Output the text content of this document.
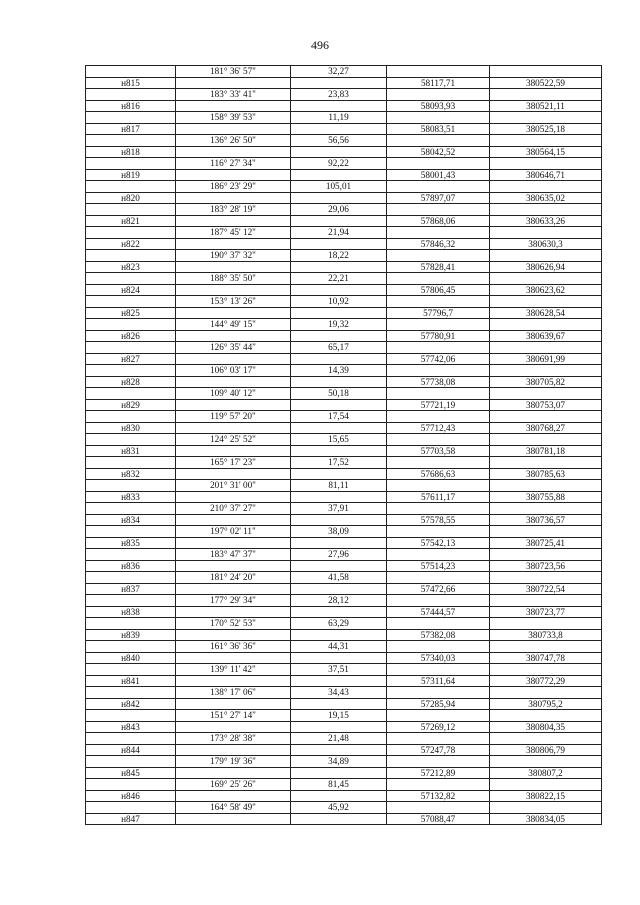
496
	181° 36' 57"	32,27		
н815			58117,71	380522,59
	183° 33' 41"	23,83		
н816			58093,93	380521,11
	158° 39' 53"	11,19		
н817			58083,51	380525,18
	136° 26' 50"	56,56		
н818			58042,52	380564,15
	116° 27' 34"	92,22		
н819			58001,43	380646,71
	186° 23' 29"	105,01		
н820			57897,07	380635,02
	183° 28' 19"	29,06		
н821			57868,06	380633,26
	187° 45' 12"	21,94		
н822			57846,32	380630,3
	190° 37' 32"	18,22		
н823			57828,41	380626,94
	188° 35' 50"	22,21		
н824			57806,45	380623,62
	153° 13' 26"	10,92		
н825			57796,7	380628,54
	144° 49' 15"	19,32		
н826			57780,91	380639,67
	126° 35' 44"	65,17		
н827			57742,06	380691,99
	106° 03' 17"	14,39		
н828			57738,08	380705,82
	109° 40' 12"	50,18		
н829			57721,19	380753,07
	119° 57' 20"	17,54		
н830			57712,43	380768,27
	124° 25' 52"	15,65		
н831			57703,58	380781,18
	165° 17' 23"	17,52		
н832			57686,63	380785,63
	201° 31' 00"	81,11		
н833			57611,17	380755,88
	210° 37' 27"	37,91		
н834			57578,55	380736,57
	197° 02' 11"	38,09		
н835			57542,13	380725,41
	183° 47' 37"	27,96		
н836			57514,23	380723,56
	181° 24' 20"	41,58		
н837			57472,66	380722,54
	177° 29' 34"	28,12		
н838			57444,57	380723,77
	170° 52' 53"	63,29		
н839			57382,08	380733,8
	161° 36' 36"	44,31		
н840			57340,03	380747,78
	139° 11' 42"	37,51		
н841			57311,64	380772,29
	138° 17' 06"	34,43		
н842			57285,94	380795,2
	151° 27' 14"	19,15		
н843			57269,12	380804,35
	173° 28' 38"	21,48		
н844			57247,78	380806,79
	179° 19' 36"	34,89		
н845			57212,89	380807,2
	169° 25' 26"	81,45		
н846			57132,82	380822,15
	164° 58' 49"	45,92		
н847			57088,47	380834,05
